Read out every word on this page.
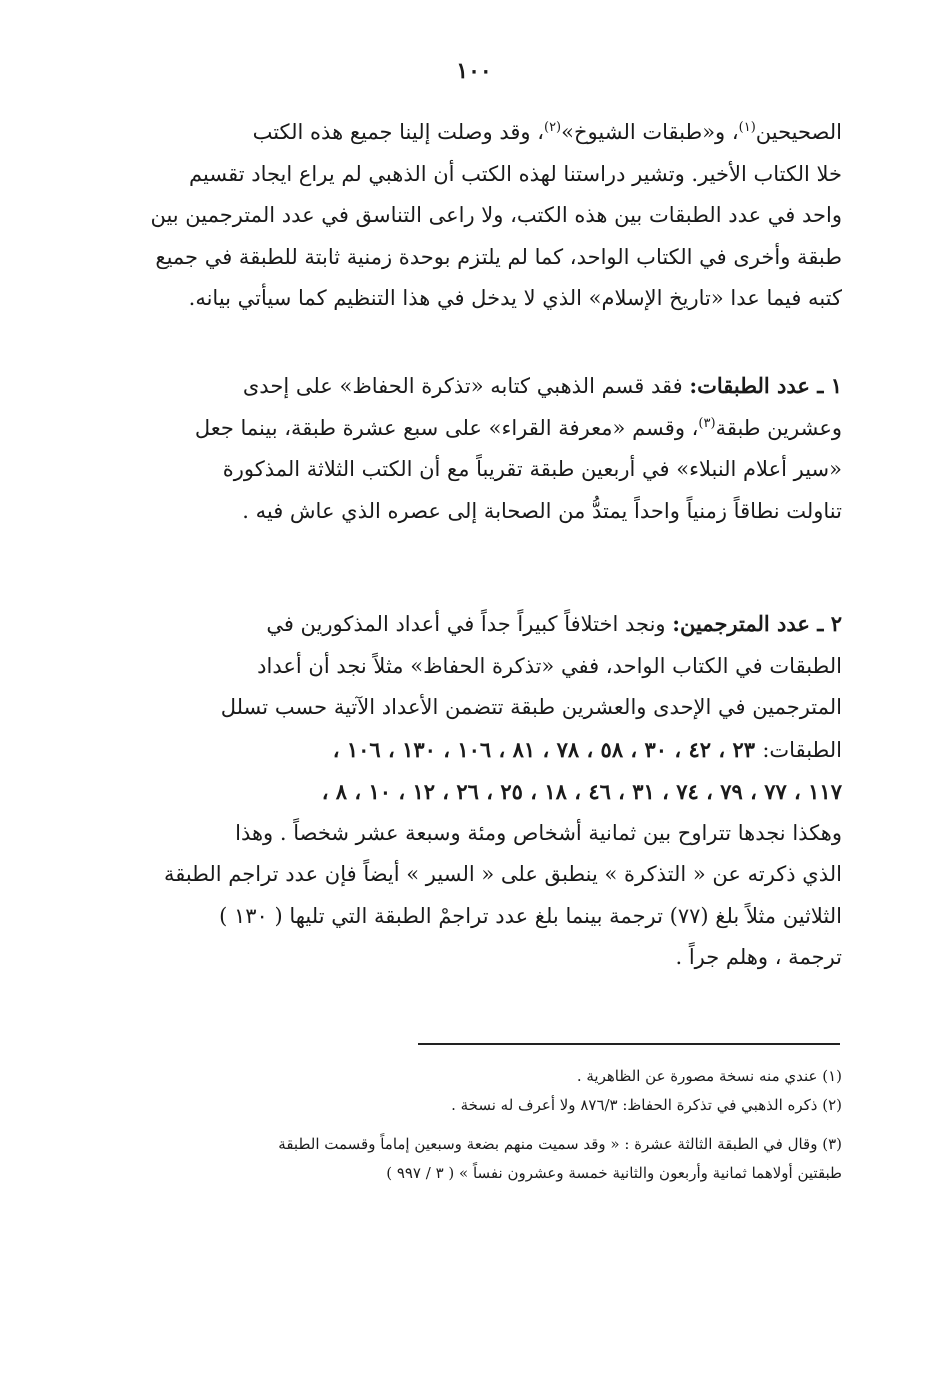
١٠٠
الصحيحين$^{(١)}$، و«طبقات الشيوخ»$^{(٢)}$، وقد وصلت إلينا جميع هذه الكتب
خلا الكتاب الأخير. وتشير دراستنا لهذه الكتب أن الذهبي لم يراع ايجاد تقسيم
واحد في عدد الطبقات بين هذه الكتب، ولا راعى التناسق في عدد المترجمين بين
طبقة وأخرى في الكتاب الواحد، كما لم يلتزم بوحدة زمنية ثابتة للطبقة في جميع
كتبه فيما عدا «تاريخ الإسلام» الذي لا يدخل في هذا التنظيم كما سيأتي بيانه.
١ ـ عدد الطبقات: فقد قسم الذهبي كتابه «تذكرة الحفاظ» على إحدى
وعشرين طبقة$^{(٣)}$، وقسم «معرفة القراء» على سبع عشرة طبقة، بينما جعل
«سير أعلام النبلاء» في أربعين طبقة تقريباً مع أن الكتب الثلاثة المذكورة
تناولت نطاقاً زمنياً واحداً يمتدُّ من الصحابة إلى عصره الذي عاش فيه .
٢ ـ عدد المترجمين: ونجد اختلافاً كبيراً جداً في أعداد المذكورين في
الطبقات في الكتاب الواحد، ففي «تذكرة الحفاظ» مثلاً نجد أن أعداد
المترجمين في الإحدى والعشرين طبقة تتضمن الأعداد الآتية حسب تسلل
الطبقات: ٢٣ ، ٤٢ ، ٣٠ ، ٥٨ ، ٧٨ ، ٨١ ، ١٠٦ ، ١٣٠ ، ١٠٦ ،
١١٧ ، ٧٧ ، ٧٩ ، ٧٤ ، ٣١ ، ٤٦ ، ١٨ ، ٢٥ ، ٢٦ ، ١٢ ، ١٠ ، ٨ ،
وهكذا نجدها تتراوح بين ثمانية أشخاص ومئة وسبعة عشر شخصاً . وهذا
الذي ذكرته عن « التذكرة » ينطبق على « السير » أيضاً فإن عدد تراجم الطبقة
الثلاثين مثلاً بلغ (٧٧) ترجمة بينما بلغ عدد تراجمْ الطبقة التي تليها ( ١٣٠ )
ترجمة ، وهلم جراً .
(١) عندي منه نسخة مصورة عن الظاهرية .
(٢) ذكره الذهبي في تذكرة الحفاظ: ٨٧٦/٣ ولا أعرف له نسخة .
(٣) وقال في الطبقة الثالثة عشرة : « وقد سميت منهم بضعة وسبعين إماماً وقسمت الطبقة
طبقتين أولاهما ثمانية وأربعون والثانية خمسة وعشرون نفساً » ( ٣ / ٩٩٧ )
